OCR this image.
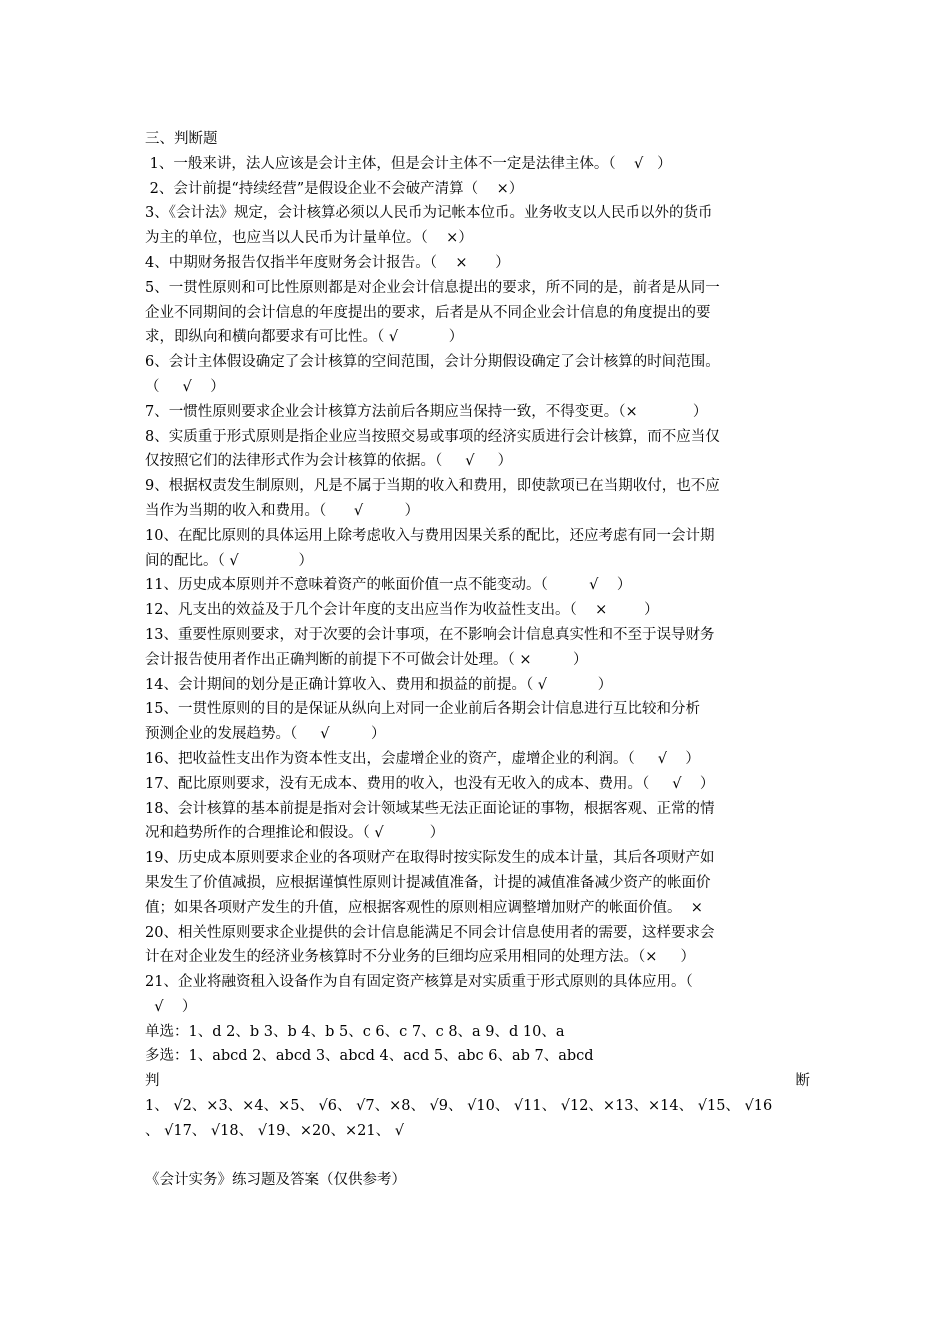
三、判断题
1、一般来讲，法人应该是会计主体，但是会计主体不一定是法律主体。（    √   ）
2、会计前提“持续经营”是假设企业不会破产清算（    ×）
3、《会计法》规定，会计核算必须以人民币为记帐本位币。业务收支以人民币以外的货币
为主的单位，也应当以人民币为计量单位。（    ×）
4、中期财务报告仅指半年度财务会计报告。（    ×      ）
5、一贯性原则和可比性原则都是对企业会计信息提出的要求，所不同的是，前者是从同一
企业不同期间的会计信息的年度提出的要求，后者是从不同企业会计信息的角度提出的要
求，即纵向和横向都要求有可比性。（ √           ）
6、会计主体假设确定了会计核算的空间范围，会计分期假设确定了会计核算的时间范围。
（     √    ）
7、一惯性原则要求企业会计核算方法前后各期应当保持一致，不得变更。（×            ）
8、实质重于形式原则是指企业应当按照交易或事项的经济实质进行会计核算，而不应当仅
仅按照它们的法律形式作为会计核算的依据。（     √     ）
9、根据权责发生制原则，凡是不属于当期的收入和费用，即使款项已在当期收付，也不应
当作为当期的收入和费用。（      √         ）
10、在配比原则的具体运用上除考虑收入与费用因果关系的配比，还应考虑有同一会计期
间的配比。（ √             ）
11、历史成本原则并不意味着资产的帐面价值一点不能变动。（         √    ）
12、凡支出的效益及于几个会计年度的支出应当作为收益性支出。（    ×        ）
13、重要性原则要求，对于次要的会计事项，在不影响会计信息真实性和不至于误导财务
会计报告使用者作出正确判断的前提下不可做会计处理。（ ×         ）
14、会计期间的划分是正确计算收入、费用和损益的前提。（ √           ）
15、一贯性原则的目的是保证从纵向上对同一企业前后各期会计信息进行互比较和分析
预测企业的发展趋势。（     √         ）
16、把收益性支出作为资本性支出，会虚增企业的资产，虚增企业的利润。（     √    ）
17、配比原则要求，没有无成本、费用的收入，也没有无收入的成本、费用。（     √    ）
18、会计核算的基本前提是指对会计领域某些无法正面论证的事物，根据客观、正常的情
况和趋势所作的合理推论和假设。（ √          ）
19、历史成本原则要求企业的各项财产在取得时按实际发生的成本计量，其后各项财产如
果发生了价值减损，应根据谨慎性原则计提减值准备，计提的减值准备减少资产的帐面价
值；如果各项财产发生的升值，应根据客观性的原则相应调整增加财产的帐面价值。  ×
20、相关性原则要求企业提供的会计信息能满足不同会计信息使用者的需要，这样要求会
计在对企业发生的经济业务核算时不分业务的巨细均应采用相同的处理方法。（×     ）
21、企业将融资租入设备作为自有固定资产核算是对实质重于形式原则的具体应用。（
√    ）
单选：1、d 2、b 3、b 4、b 5、c 6、c 7、c 8、a 9、d 10、a
多选：1、abcd 2、abcd 3、abcd 4、acd 5、abc 6、ab 7、abcd
判	断
1、 √2、×3、×4、×5、 √6、 √7、×8、 √9、 √10、 √11、 √12、×13、×14、 √15、 √16
、 √17、 √18、 √19、×20、×21、 √
《会计实务》练习题及答案（仅供参考）
